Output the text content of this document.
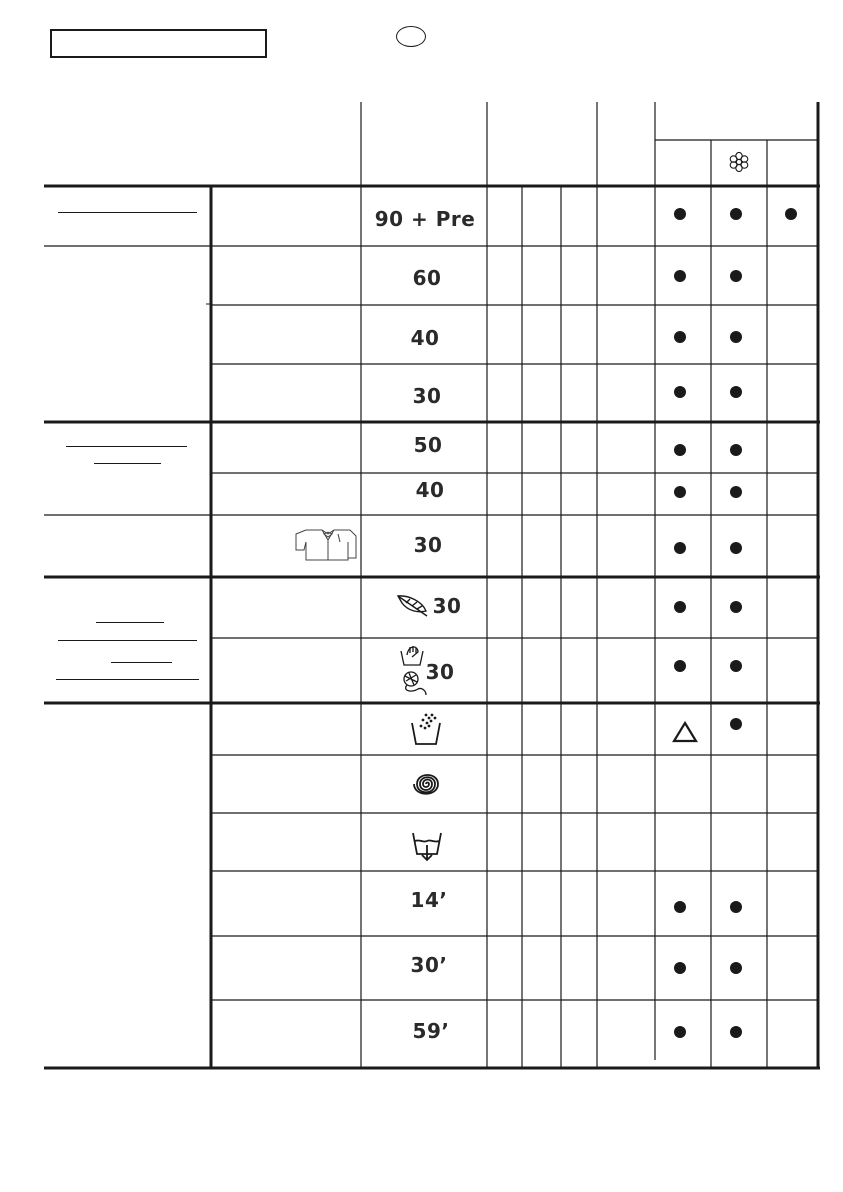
90 + Pre
60
40
30
50
40
30
30
30
14’
30’
59’
